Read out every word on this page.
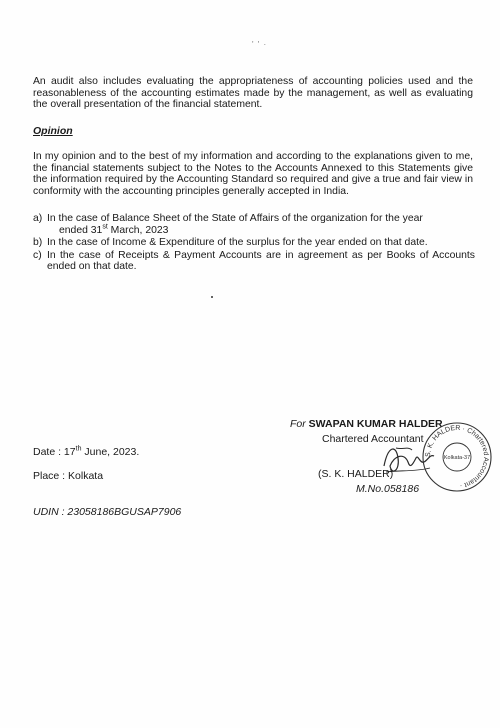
' ' ·
An audit also includes evaluating the appropriateness of accounting policies used and the reasonableness of the accounting estimates made by the management, as well as evaluating the overall presentation of the financial statement.
Opinion
In my opinion and to the best of my information and according to the explanations given to me, the financial statements subject to the Notes to the Accounts Annexed to this Statements give the information required by the Accounting Standard so required and give a true and fair view in conformity with the accounting principles generally accepted in India.
a) In the case of Balance Sheet of the State of Affairs of the organization for the year
ended 31st March, 2023
b) In the case of Income & Expenditure of the surplus for the year ended on that date.
c) In the case of Receipts & Payment Accounts are in agreement as per Books of Accounts ended on that date.
For SWAPAN KUMAR HALDER
Chartered Accountant
S. K. HALDER · Chartered Accountant ·
Kolkata-37
(S. K. HALDER)
M.No.058186
Date : 17th June, 2023.
Place : Kolkata
UDIN : 23058186BGUSAP7906
